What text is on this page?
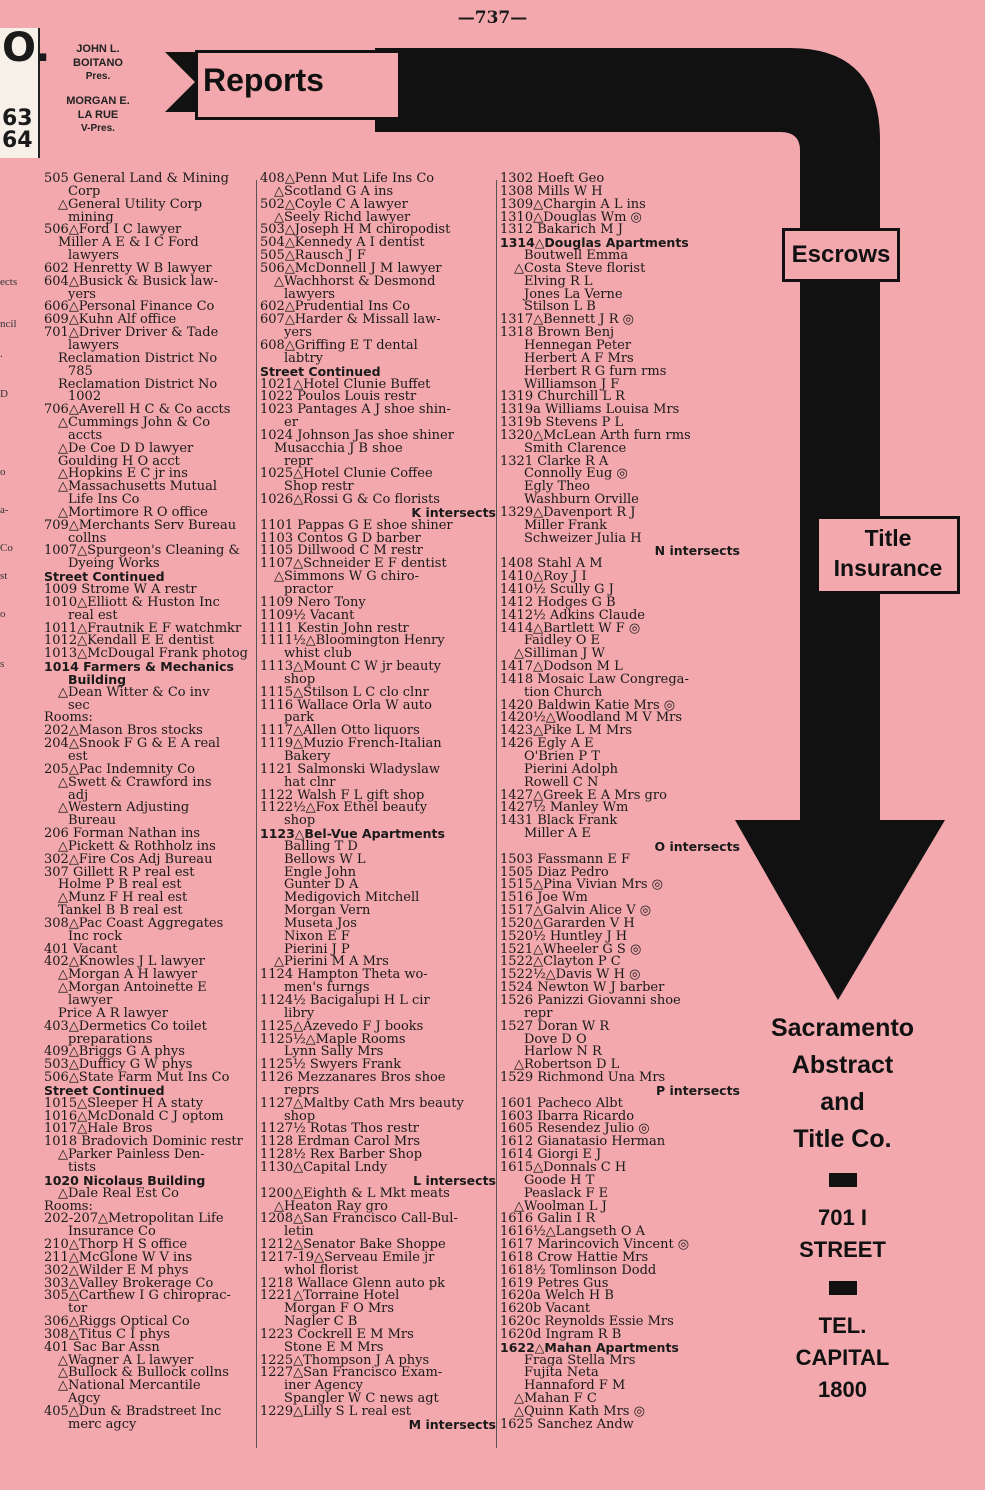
—737—
O.
63
64
ects
ncil
.
D
o
a-
Co
st
o
s
JOHN L. BOITANO
Pres.
MORGAN E. LA RUE
V-Pres.
Reports
Escrows
Title
Insurance
Sacramento
Abstract
and
Title Co.
701 I
STREET
TEL.
CAPITAL
1800
505 General Land & Mining
Corp
△General Utility Corp
mining
506△Ford I C lawyer
Miller A E & I C Ford
lawyers
602 Henretty W B lawyer
604△Busick & Busick law-
yers
606△Personal Finance Co
609△Kuhn Alf office
701△Driver Driver & Tade
lawyers
Reclamation District No
785
Reclamation District No
1002
706△Averell H C & Co accts
△Cummings John & Co
accts
△De Coe D D lawyer
Goulding H O acct
△Hopkins E C jr ins
△Massachusetts Mutual
Life Ins Co
△Mortimore R O office
709△Merchants Serv Bureau
collns
1007△Spurgeon's Cleaning &
Dyeing Works
Street Continued
1009 Strome W A restr
1010△Elliott & Huston Inc
real est
1011△Frautnik E F watchmkr
1012△Kendall E E dentist
1013△McDougal Frank photog
1014 Farmers & Mechanics
Building
△Dean Witter & Co inv
sec
Rooms:
202△Mason Bros stocks
204△Snook F G & E A real
est
205△Pac Indemnity Co
△Swett & Crawford ins
adj
△Western Adjusting
Bureau
206 Forman Nathan ins
△Pickett & Rothholz ins
302△Fire Cos Adj Bureau
307 Gillett R P real est
Holme P B real est
△Munz F H real est
Tankel B B real est
308△Pac Coast Aggregates
Inc rock
401 Vacant
402△Knowles J L lawyer
△Morgan A H lawyer
△Morgan Antoinette E
lawyer
Price A R lawyer
403△Dermetics Co toilet
preparations
409△Briggs G A phys
503△Dufficy G W phys
506△State Farm Mut Ins Co
Street Continued
1015△Sleeper H A staty
1016△McDonald C J optom
1017△Hale Bros
1018 Bradovich Dominic restr
△Parker Painless Den-
tists
1020 Nicolaus Building
△Dale Real Est Co
Rooms:
202-207△Metropolitan Life
Insurance Co
210△Thorp H S office
211△McGlone W V ins
302△Wilder E M phys
303△Valley Brokerage Co
305△Carthew I G chiroprac-
tor
306△Riggs Optical Co
308△Titus C I phys
401 Sac Bar Assn
△Wagner A L lawyer
△Bullock & Bullock collns
△National Mercantile
Agcy
405△Dun & Bradstreet Inc
merc agcy
408△Penn Mut Life Ins Co
△Scotland G A ins
502△Coyle C A lawyer
△Seely Richd lawyer
503△Joseph H M chiropodist
504△Kennedy A I dentist
505△Rausch J F
506△McDonnell J M lawyer
△Wachhorst & Desmond
lawyers
602△Prudential Ins Co
607△Harder & Missall law-
yers
608△Griffing E T dental
labtry
Street Continued
1021△Hotel Clunie Buffet
1022 Poulos Louis restr
1023 Pantages A J shoe shin-
er
1024 Johnson Jas shoe shiner
Musacchia J B shoe
repr
1025△Hotel Clunie Coffee
Shop restr
1026△Rossi G & Co florists
K intersects
1101 Pappas G E shoe shiner
1103 Contos G D barber
1105 Dillwood C M restr
1107△Schneider E F dentist
△Simmons W G chiro-
practor
1109 Nero Tony
1109½ Vacant
1111 Kestin John restr
1111½△Bloomington Henry
whist club
1113△Mount C W jr beauty
shop
1115△Stilson L C clo clnr
1116 Wallace Orla W auto
park
1117△Allen Otto liquors
1119△Muzio French-Italian
Bakery
1121 Salmonski Wladyslaw
hat clnr
1122 Walsh F L gift shop
1122½△Fox Ethel beauty
shop
1123△Bel-Vue Apartments
Balling T D
Bellows W L
Engle John
Gunter D A
Medigovich Mitchell
Morgan Vern
Museta Jos
Nixon E F
Pierini J P
△Pierini M A Mrs
1124 Hampton Theta wo-
men's furngs
1124½ Bacigalupi H L cir
libry
1125△Azevedo F J books
1125½△Maple Rooms
Lynn Sally Mrs
1125½ Swyers Frank
1126 Mezzanares Bros shoe
reprs
1127△Maltby Cath Mrs beauty
shop
1127½ Rotas Thos restr
1128 Erdman Carol Mrs
1128½ Rex Barber Shop
1130△Capital Lndy
L intersects
1200△Eighth & L Mkt meats
△Heaton Ray gro
1208△San Francisco Call-Bul-
letin
1212△Senator Bake Shoppe
1217-19△Serveau Emile jr
whol florist
1218 Wallace Glenn auto pk
1221△Torraine Hotel
Morgan F O Mrs
Nagler C B
1223 Cockrell E M Mrs
Stone E M Mrs
1225△Thompson J A phys
1227△San Francisco Exam-
iner Agency
Spangler W C news agt
1229△Lilly S L real est
M intersects
1302 Hoeft Geo
1308 Mills W H
1309△Chargin A L ins
1310△Douglas Wm ◎
1312 Bakarich M J
1314△Douglas Apartments
Boutwell Emma
△Costa Steve florist
Elving R L
Jones La Verne
Stilson L B
1317△Bennett J R ◎
1318 Brown Benj
Hennegan Peter
Herbert A F Mrs
Herbert R G furn rms
Williamson J F
1319 Churchill L R
1319a Williams Louisa Mrs
1319b Stevens P L
1320△McLean Arth furn rms
Smith Clarence
1321 Clarke R A
Connolly Eug ◎
Egly Theo
Washburn Orville
1329△Davenport R J
Miller Frank
Schweizer Julia H
N intersects
1408 Stahl A M
1410△Roy J I
1410½ Scully G J
1412 Hodges G B
1412½ Adkins Claude
1414△Bartlett W F ◎
Faidley O E
△Silliman J W
1417△Dodson M L
1418 Mosaic Law Congrega-
tion Church
1420 Baldwin Katie Mrs ◎
1420½△Woodland M V Mrs
1423△Pike L M Mrs
1426 Egly A E
O'Brien P T
Pierini Adolph
Rowell C N
1427△Greek E A Mrs gro
1427½ Manley Wm
1431 Black Frank
Miller A E
O intersects
1503 Fassmann E F
1505 Diaz Pedro
1515△Pina Vivian Mrs ◎
1516 Joe Wm
1517△Galvin Alice V ◎
1520△Gararden V H
1520½ Huntley J H
1521△Wheeler G S ◎
1522△Clayton P C
1522½△Davis W H ◎
1524 Newton W J barber
1526 Panizzi Giovanni shoe
repr
1527 Doran W R
Dove D O
Harlow N R
△Robertson D L
1529 Richmond Una Mrs
P intersects
1601 Pacheco Albt
1603 Ibarra Ricardo
1605 Resendez Julio ◎
1612 Gianatasio Herman
1614 Giorgi E J
1615△Donnals C H
Goode H T
Peaslack F E
△Woolman L J
1616 Galin I R
1616½△Langseth O A
1617 Marincovich Vincent ◎
1618 Crow Hattie Mrs
1618½ Tomlinson Dodd
1619 Petres Gus
1620a Welch H B
1620b Vacant
1620c Reynolds Essie Mrs
1620d Ingram R B
1622△Mahan Apartments
Fraga Stella Mrs
Fujita Neta
Hannaford F M
△Mahan F C
△Quinn Kath Mrs ◎
1625 Sanchez Andw
